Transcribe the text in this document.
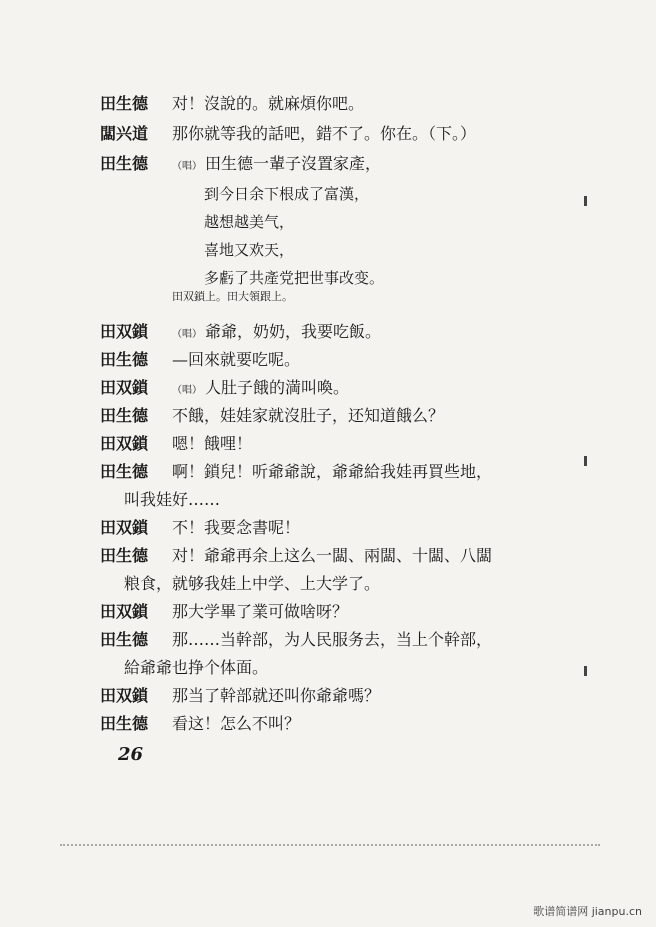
田生德 对！沒說的。就麻煩你吧。
闆兴道 那你就等我的話吧，錯不了。你在。（下。）
田生德 （唱） 田生德一輩子沒置家產，
到今日余下根成了富漢，
越想越美气，
喜地又欢天，
多虧了共產党把世事改变。
田双鎖上。田大領跟上。
田双鎖 （唱） 爺爺，奶奶，我要吃飯。
田生德 —回來就要吃呢。
田双鎖 （唱） 人肚子餓的満叫喚。
田生德 不餓，娃娃家就沒肚子，还知道餓么？
田双鎖 嗯！餓哩！
田生德 啊！鎖兒！听爺爺說，爺爺給我娃再買些地，
叫我娃好……
田双鎖 不！我要念書呢！
田生德 对！爺爺再余上这么一闆、兩闆、十闆、八闆
粮食，就够我娃上中学、上大学了。
田双鎖 那大学畢了業可做啥呀？
田生德 那……当幹部，为人民服务去，当上个幹部，
給爺爺也挣个体面。
田双鎖 那当了幹部就还叫你爺爺嗎？
田生德 看这！怎么不叫？
26
歌谱简谱网 jianpu.cn
